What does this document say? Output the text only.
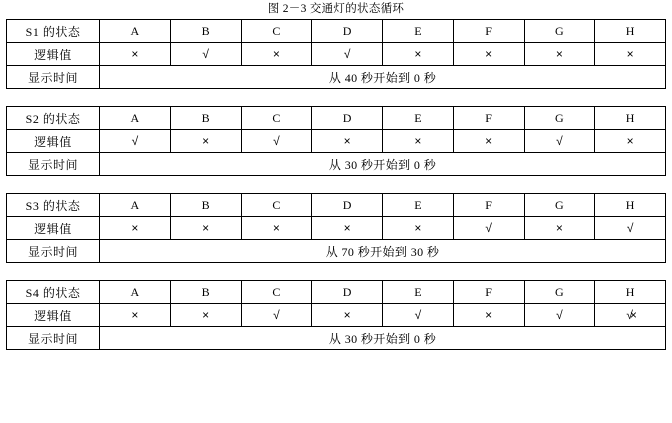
图 2－3 交通灯的状态循环
S1 的状态	A	B	C	D	E	F	G	H
逻辑值	×	√	×	√	×	×	×	×
显示时间	从 40 秒开始到 0 秒							
S2 的状态	A	B	C	D	E	F	G	H
逻辑值	√	×	√	×	×	×	√	×
显示时间	从 30 秒开始到 0 秒							
S3 的状态	A	B	C	D	E	F	G	H
逻辑值	×	×	×	×	×	√	×	√
显示时间	从 70 秒开始到 30 秒							
S4 的状态	A	B	C	D	E	F	G	H
逻辑值	×	×	√	×	√	×	√	√×
显示时间	从 30 秒开始到 0 秒							
